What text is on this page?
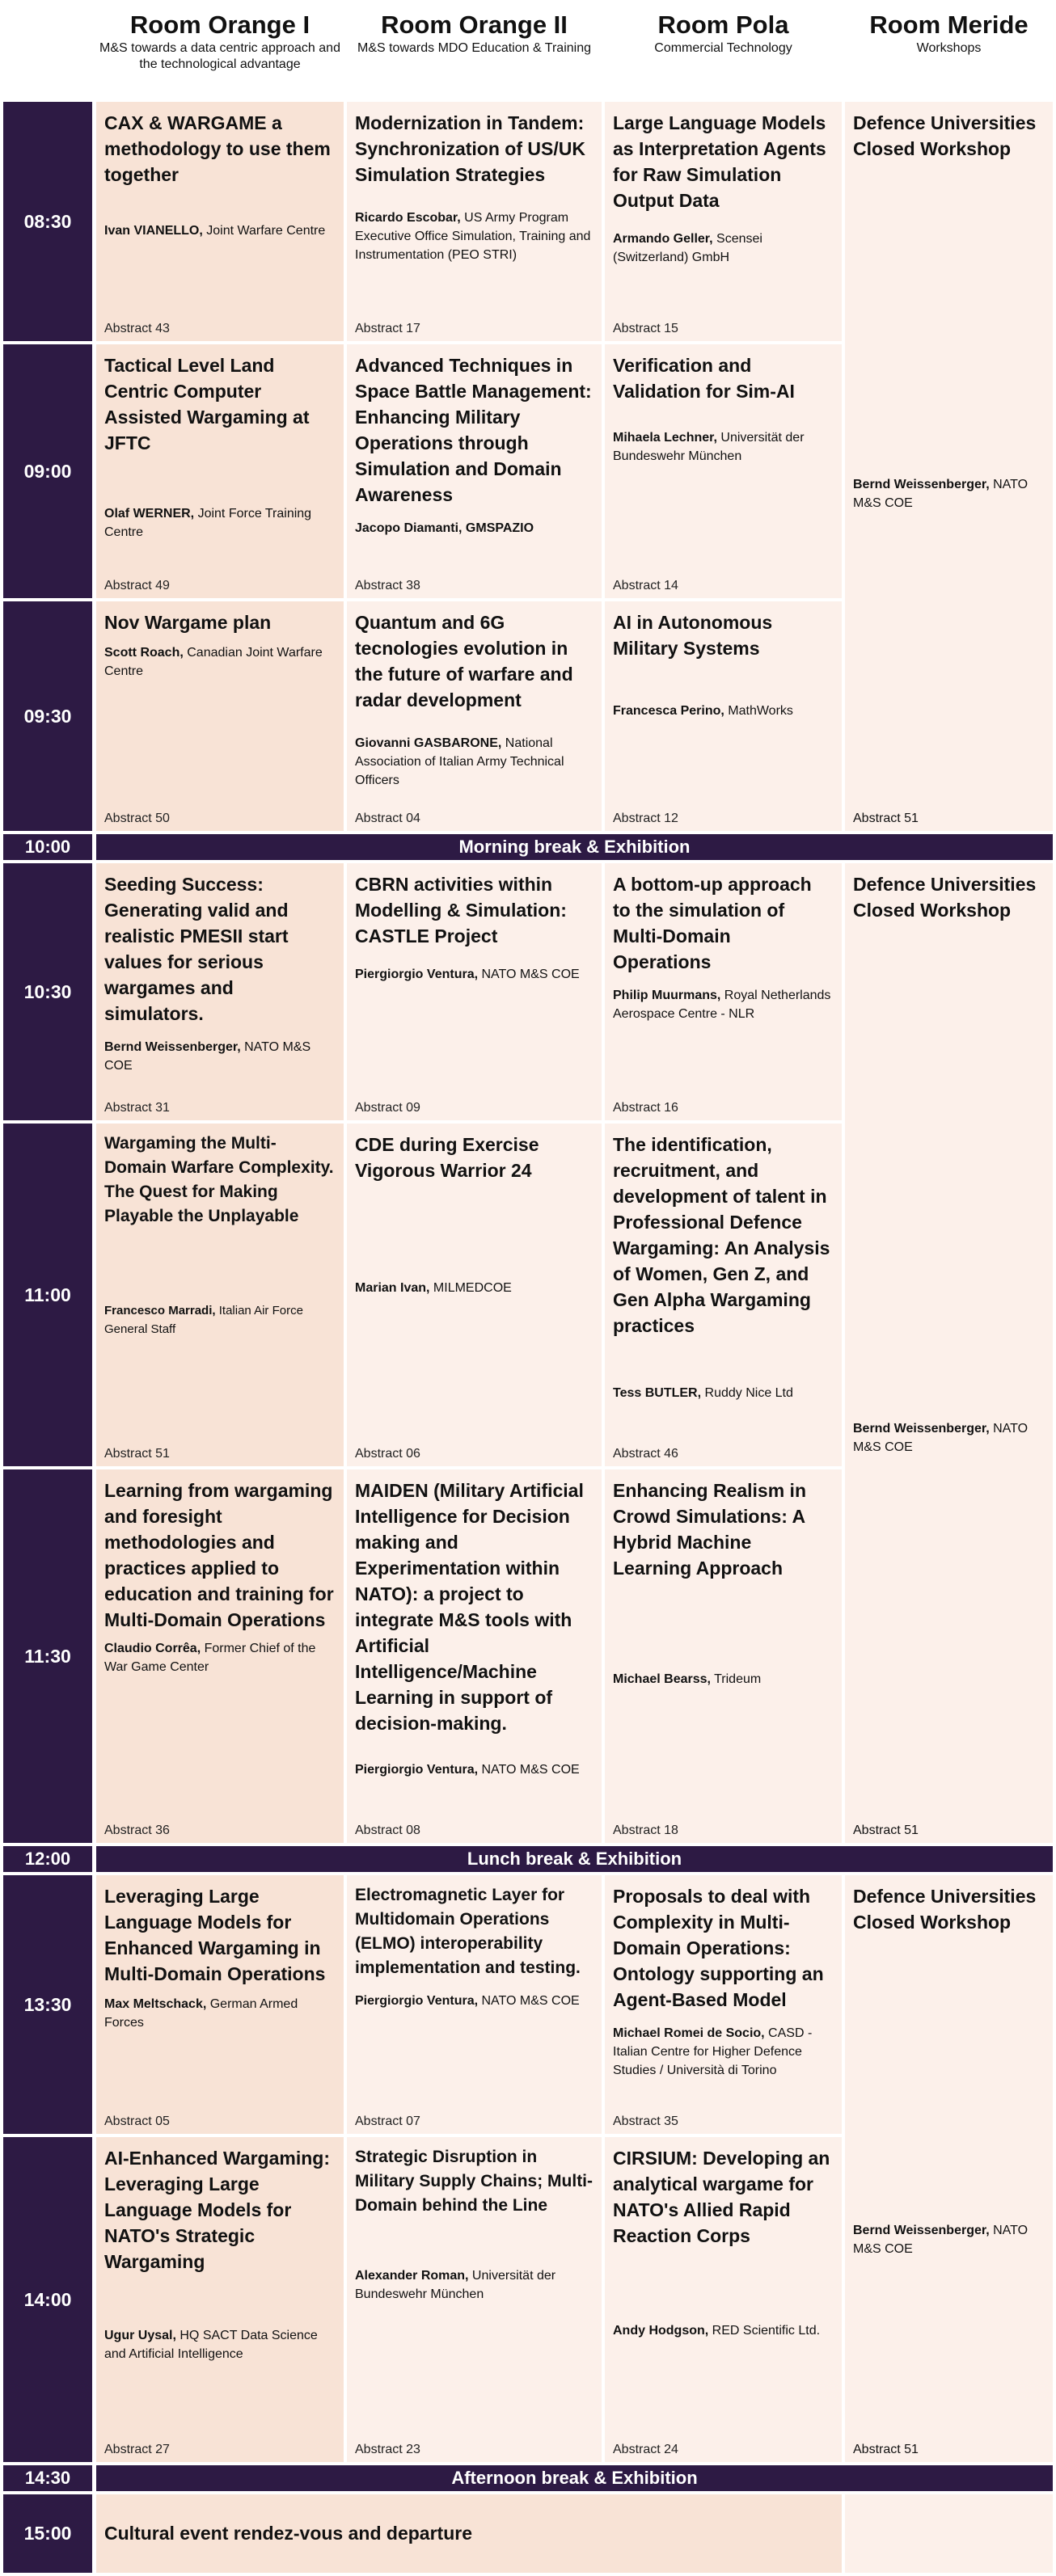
Room Orange I
M&S towards a data centric approach and the technological advantage
Room Orange II
M&S towards MDO Education & Training
Room Pola
Commercial Technology
Room Meride
Workshops
08:30
09:00
09:30
10:00
10:30
11:00
11:30
12:00
13:30
14:00
14:30
15:00
Morning break & Exhibition
Lunch break & Exhibition
Afternoon break & Exhibition
CAX & WARGAME a methodology to use them together
Ivan VIANELLO, Joint Warfare Centre
Abstract 43
Modernization in Tandem: Synchronization of US/UK Simulation Strategies
Ricardo Escobar, US Army Program Executive Office Simulation, Training and Instrumentation (PEO STRI)
Abstract 17
Large Language Models as Interpretation Agents for Raw Simulation Output Data
Armando Geller, Scensei (Switzerland) GmbH
Abstract 15
Tactical Level Land Centric Computer Assisted Wargaming at JFTC
Olaf WERNER, Joint Force Training Centre
Abstract 49
Advanced Techniques in Space Battle Management: Enhancing Military Operations through Simulation and Domain Awareness
Jacopo Diamanti, GMSPAZIO
Abstract 38
Verification and Validation for Sim-AI
Mihaela Lechner, Universität der Bundeswehr München
Abstract 14
Nov Wargame plan
Scott Roach, Canadian Joint Warfare Centre
Abstract 50
Quantum and 6G tecnologies evolution in the future of warfare and radar development
Giovanni GASBARONE, National Association of Italian Army Technical Officers
Abstract 04
AI in Autonomous Military Systems
Francesca Perino, MathWorks
Abstract 12
Defence Universities Closed Workshop
Bernd Weissenberger, NATO M&S COE
Abstract 51
Seeding Success: Generating valid and realistic PMESII start values for serious wargames and simulators.
Bernd Weissenberger, NATO M&S COE
Abstract 31
CBRN activities within Modelling & Simulation: CASTLE Project
Piergiorgio Ventura, NATO M&S COE
Abstract 09
A bottom-up approach to the simulation of Multi-Domain Operations
Philip Muurmans, Royal Netherlands Aerospace Centre - NLR
Abstract 16
Wargaming the Multi-Domain Warfare Complexity. The Quest for Making Playable the Unplayable
Francesco Marradi, Italian Air Force General Staff
Abstract 51
CDE during Exercise Vigorous Warrior 24
Marian Ivan, MILMEDCOE
Abstract 06
The identification, recruitment, and development of talent in Professional Defence Wargaming: An Analysis of Women, Gen Z, and Gen Alpha Wargaming practices
Tess BUTLER, Ruddy Nice Ltd
Abstract 46
Learning from wargaming and foresight methodologies and practices applied to education and training for Multi-Domain Operations
Claudio Corrêa, Former Chief of the War Game Center
Abstract 36
MAIDEN (Military Artificial Intelligence for Decision making and Experimentation within NATO): a project to integrate M&S tools with Artificial Intelligence/Machine Learning in support of decision-making.
Piergiorgio Ventura, NATO M&S COE
Abstract 08
Enhancing Realism in Crowd Simulations: A Hybrid Machine Learning Approach
Michael Bearss, Trideum
Abstract 18
Defence Universities Closed Workshop
Bernd Weissenberger, NATO M&S COE
Abstract 51
Leveraging Large Language Models for Enhanced Wargaming in Multi-Domain Operations
Max Meltschack, German Armed Forces
Abstract 05
Electromagnetic Layer for Multidomain Operations (ELMO) interoperability implementation and testing.
Piergiorgio Ventura, NATO M&S COE
Abstract 07
Proposals to deal with Complexity in Multi-Domain Operations: Ontology supporting an Agent-Based Model
Michael Romei de Socio, CASD - Italian Centre for Higher Defence Studies / Università di Torino
Abstract 35
AI-Enhanced Wargaming: Leveraging Large Language Models for NATO's Strategic Wargaming
Ugur Uysal, HQ SACT Data Science and Artificial Intelligence
Abstract 27
Strategic Disruption in Military Supply Chains; Multi-Domain behind the Line
Alexander Roman, Universität der Bundeswehr München
Abstract 23
CIRSIUM: Developing an analytical wargame for NATO's Allied Rapid Reaction Corps
Andy Hodgson, RED Scientific Ltd.
Abstract 24
Defence Universities Closed Workshop
Bernd Weissenberger, NATO M&S COE
Abstract 51
Cultural event rendez-vous and departure
